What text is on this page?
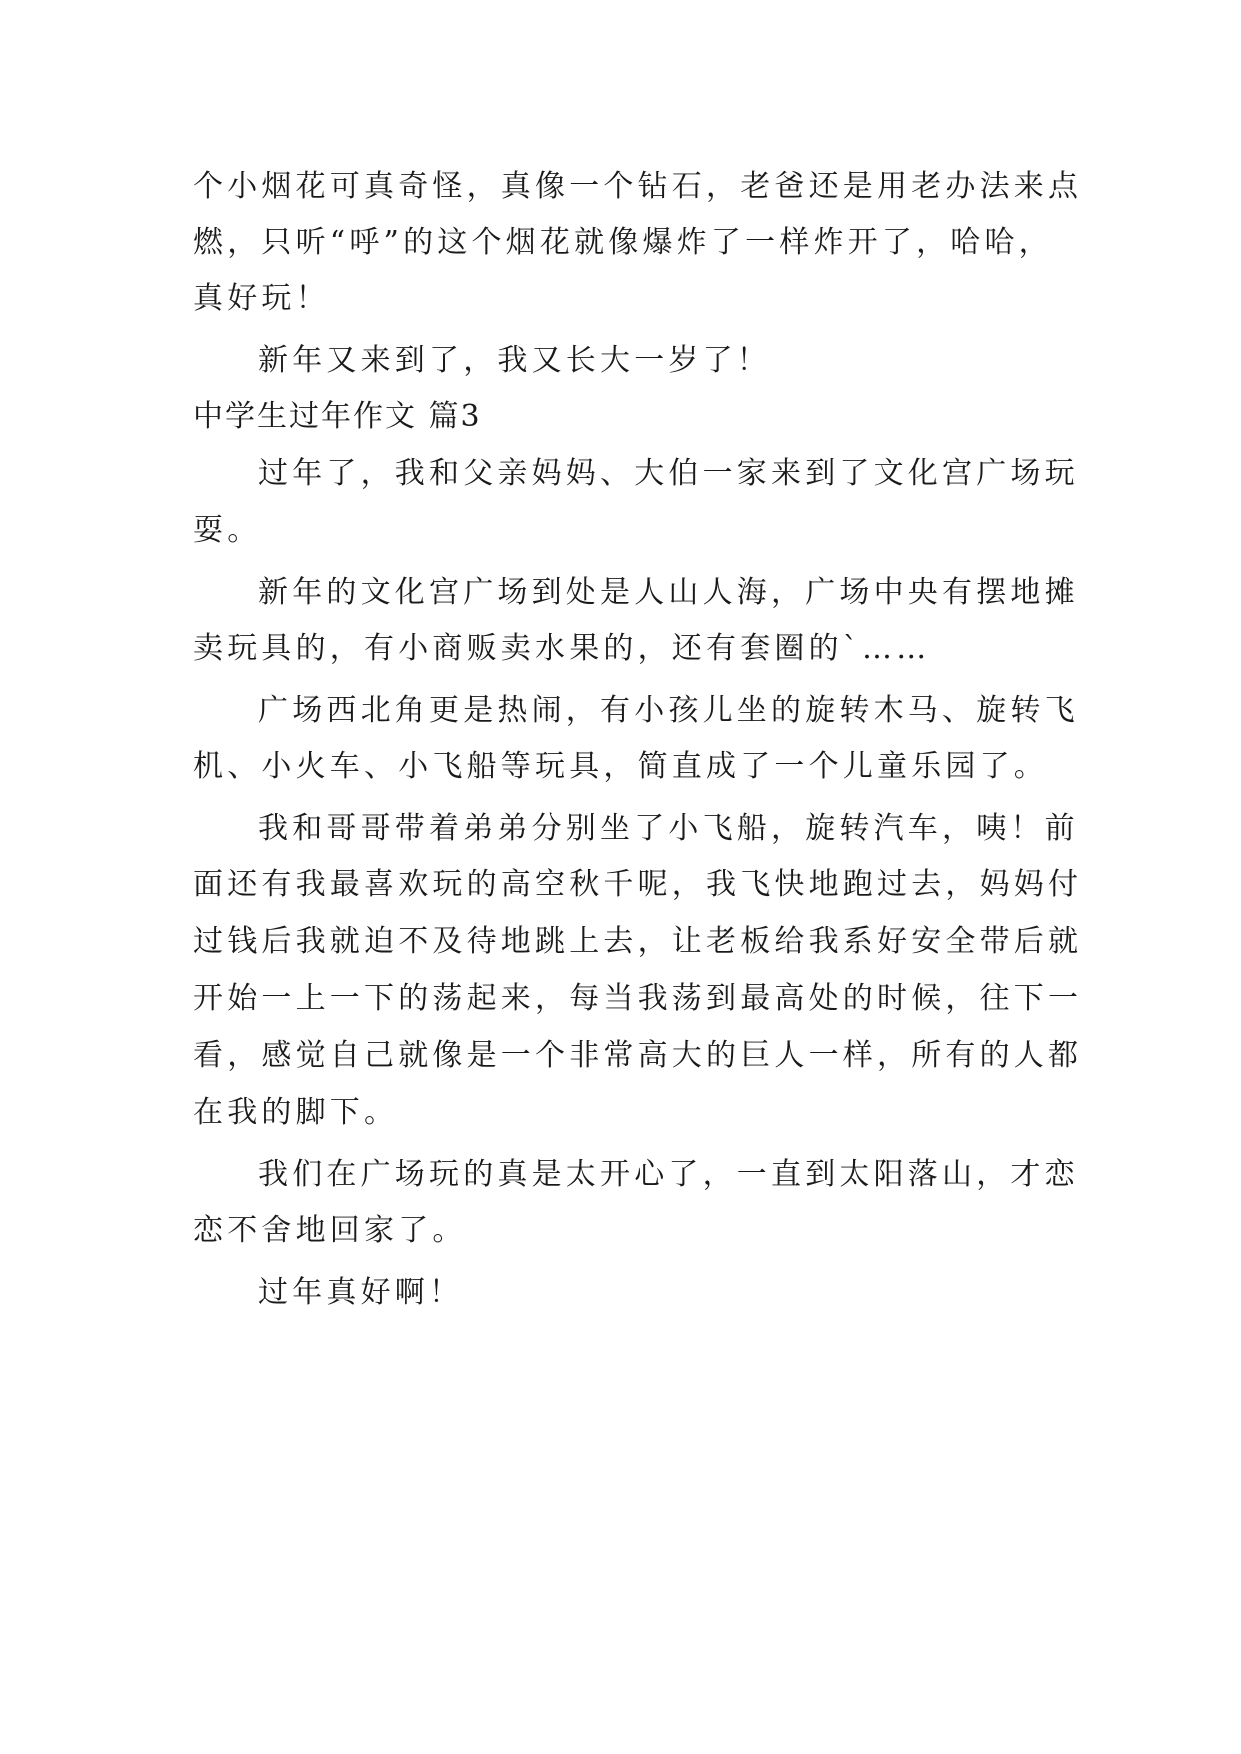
个小烟花可真奇怪，真像一个钻石，老爸还是用老办法来点
燃，只听“呼”的这个烟花就像爆炸了一样炸开了，哈哈，
真好玩！
新年又来到了，我又长大一岁了！
中学生过年作文 篇3
过年了，我和父亲妈妈、大伯一家来到了文化宫广场玩
耍。
新年的文化宫广场到处是人山人海，广场中央有摆地摊
卖玩具的，有小商贩卖水果的，还有套圈的`……
广场西北角更是热闹，有小孩儿坐的旋转木马、旋转飞
机、小火车、小飞船等玩具，简直成了一个儿童乐园了。
我和哥哥带着弟弟分别坐了小飞船，旋转汽车，咦！前
面还有我最喜欢玩的高空秋千呢，我飞快地跑过去，妈妈付
过钱后我就迫不及待地跳上去，让老板给我系好安全带后就
开始一上一下的荡起来，每当我荡到最高处的时候，往下一
看，感觉自己就像是一个非常高大的巨人一样，所有的人都
在我的脚下。
我们在广场玩的真是太开心了，一直到太阳落山，才恋
恋不舍地回家了。
过年真好啊！
